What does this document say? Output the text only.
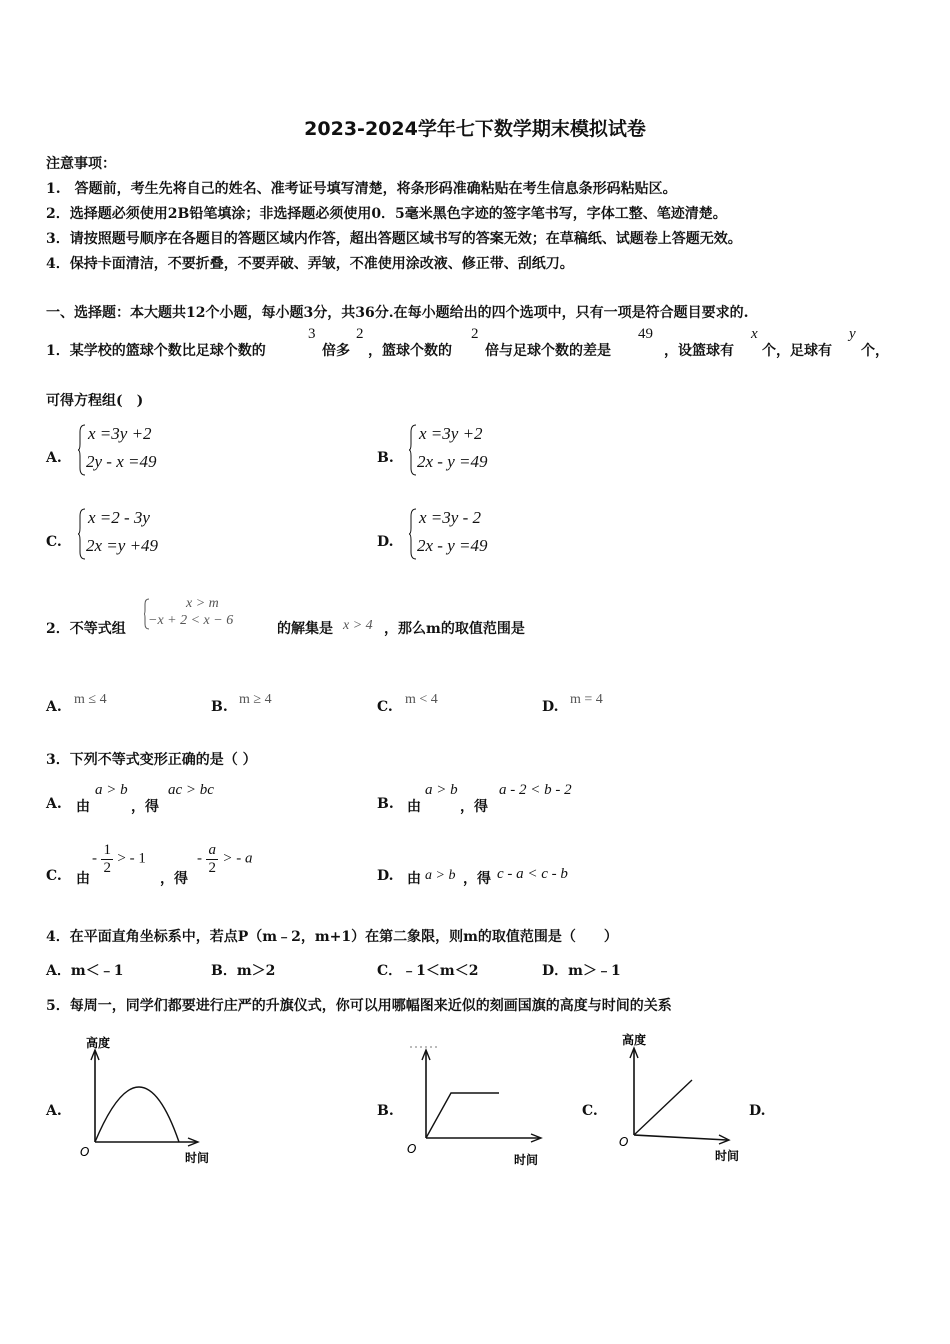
2023-2024学年七下数学期末模拟试卷
注意事项：
1.　答题前，考生先将自己的姓名、准考证号填写清楚，将条形码准确粘贴在考生信息条形码粘贴区。
2．选择题必须使用2B铅笔填涂；非选择题必须使用0．5毫米黑色字迹的签字笔书写，字体工整、笔迹清楚。
3．请按照题号顺序在各题目的答题区域内作答，超出答题区域书写的答案无效；在草稿纸、试题卷上答题无效。
4．保持卡面清洁，不要折叠，不要弄破、弄皱，不准使用涂改液、修正带、刮纸刀。
一、选择题：本大题共12个小题，每小题3分，共36分.在每小题给出的四个选项中，只有一项是符合题目要求的.
1．某学校的篮球个数比足球个数的
3
倍多
2
，篮球个数的
2
倍与足球个数的差是
49
，设篮球有
x
个，足球有
y
个，
可得方程组(　)
A.
x =3y +2
2y - x =49	B.
x =3y +2
2x - y =49
C.
x =2 - 3y
2x =y +49	D.
x =3y - 2
2x - y =49
2．不等式组
x > m
−x + 2 < x − 6
的解集是 x > 4 ，那么m的取值范围是
A. m ≤ 4	B. m ≥ 4	C. m < 4	D. m = 4
3．下列不等式变形正确的是（ ）
A. 由
a > b
，得
ac > bc
B. 由
a > b
，得
a - 2 < b - 2
C. 由
- $\frac{1}{2}$ > - 1
，得
- $\frac{a}{2}$ > - a
D. 由 a > b ，得 c - a < c - b
4．在平面直角坐标系中，若点P（m﹣2，m+1）在第二象限，则m的取值范围是（　　）
A．m＜﹣1	B．m＞2	C．﹣1＜m＜2	D．m＞﹣1
5．每周一，同学们都要进行庄严的升旗仪式，你可以用哪幅图来近似的刻画国旗的高度与时间的关系
A.
高度
O	时间
B.
O
时间
C.
高度
O
时间
D.
